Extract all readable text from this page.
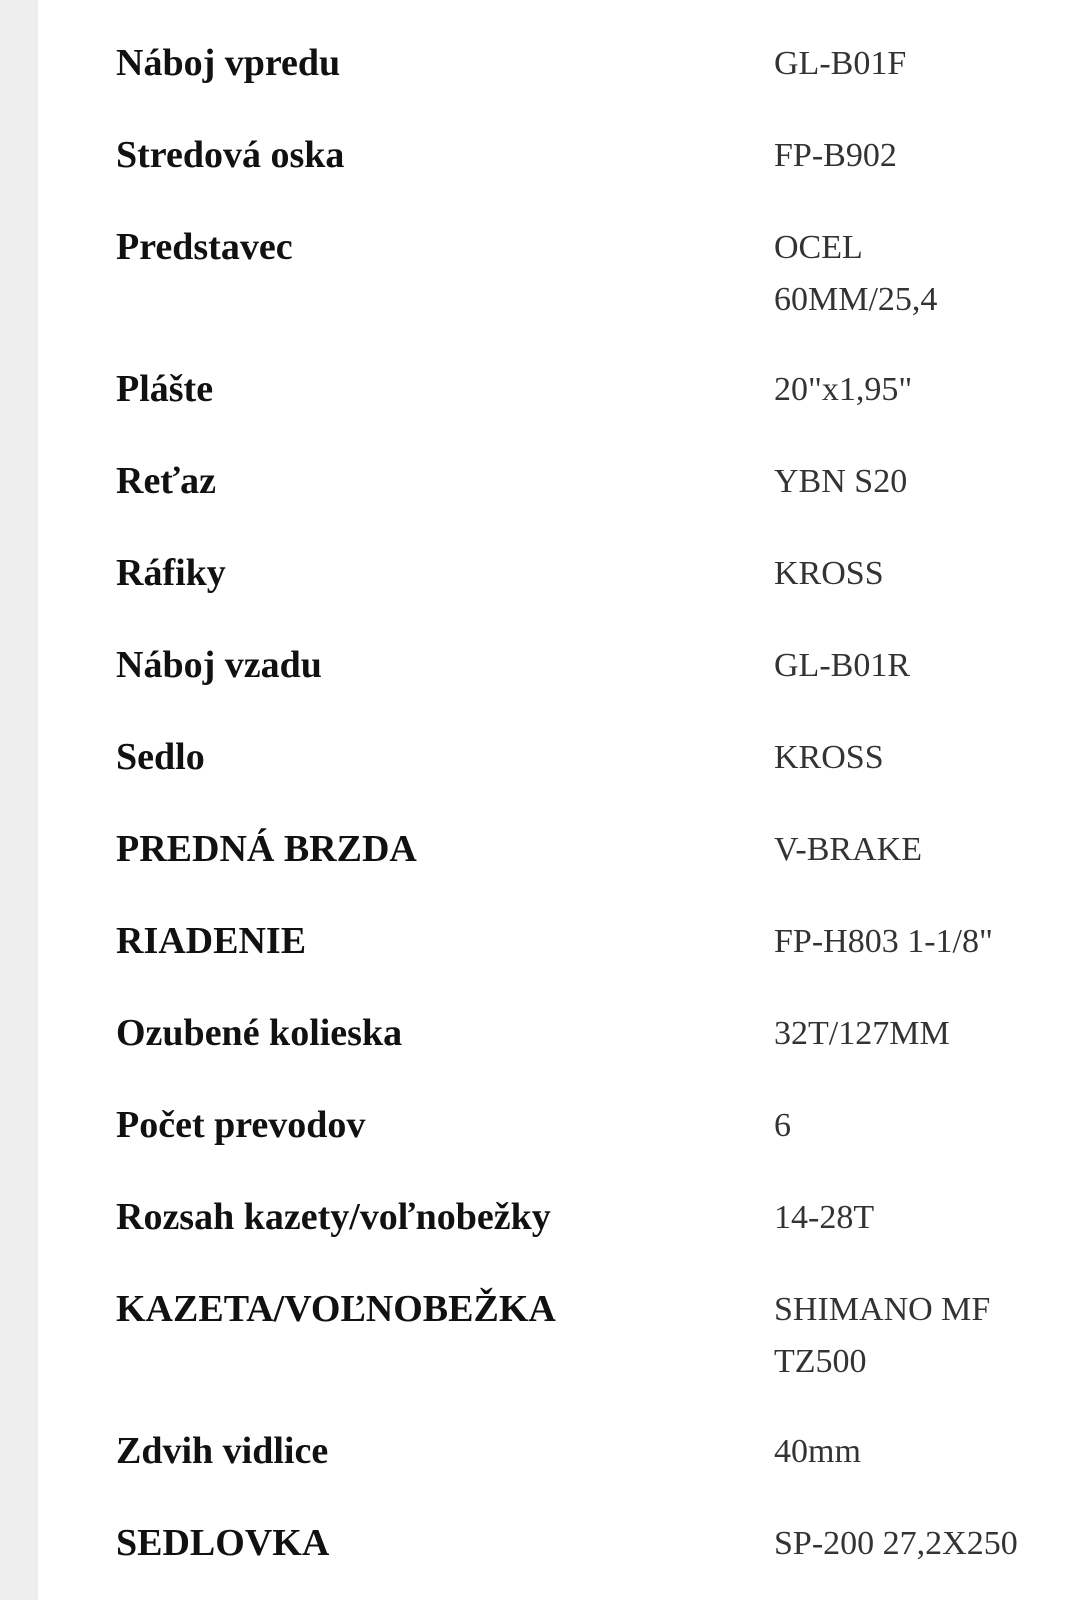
Náboj vpredu	GL-B01F
Stredová oska	FP-B902
Predstavec	OCEL
60MM/25,4
Plášte	20"x1,95"
Reťaz	YBN S20
Ráfiky	KROSS
Náboj vzadu	GL-B01R
Sedlo	KROSS
PREDNÁ BRZDA	V-BRAKE
RIADENIE	FP-H803 1-1/8"
Ozubené kolieska	32T/127MM
Počet prevodov	6
Rozsah kazety/voľnobežky	14-28T
KAZETA/VOĽNOBEŽKA	SHIMANO MF
TZ500
Zdvih vidlice	40mm
SEDLOVKA	SP-200 27,2X250
